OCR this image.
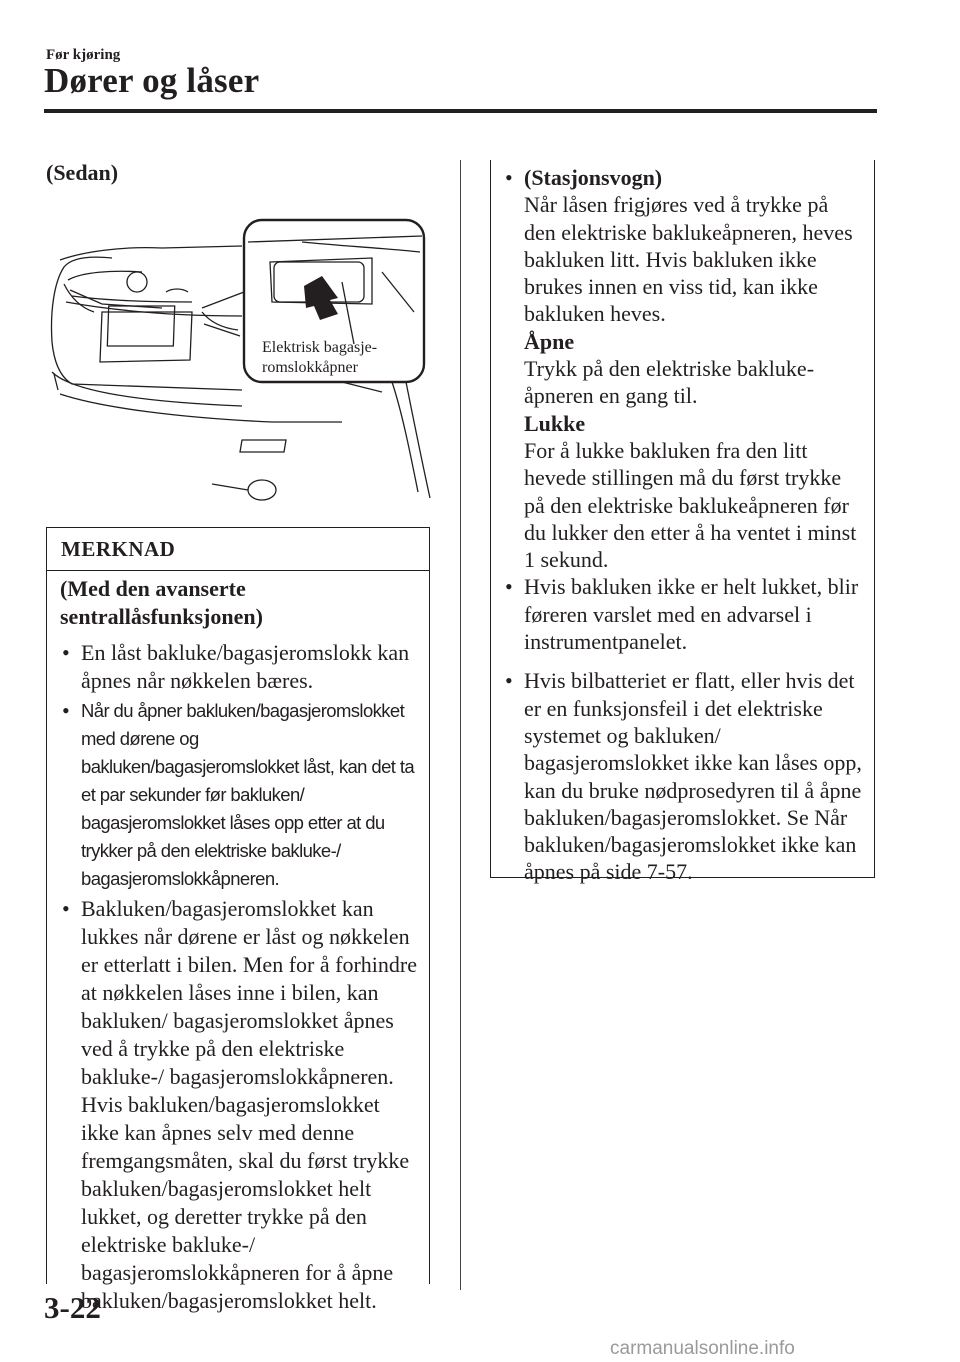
Før kjøring
Dører og låser
(Sedan)
Elektrisk bagasje-
romslokkåpner
MERKNAD
(Med den avanserte
sentrallåsfunksjonen)
• En låst bakluke/bagasjeromslokk kan åpnes når nøkkelen bæres.
• Når du åpner bakluken/bagasjeromslokket med dørene og bakluken/bagasjeromslokket låst, kan det ta et par sekunder før bakluken/ bagasjeromslokket låses opp etter at du trykker på den elektriske bakluke-/ bagasjeromslokkåpneren.
• Bakluken/bagasjeromslokket kan lukkes når dørene er låst og nøkkelen er etterlatt i bilen. Men for å forhindre at nøkkelen låses inne i bilen, kan bakluken/ bagasjeromslokket åpnes ved å trykke på den elektriske bakluke-/ bagasjeromslokkåpneren. Hvis bakluken/bagasjeromslokket ikke kan åpnes selv med denne fremgangsmåten, skal du først trykke bakluken/bagasjeromslokket helt lukket, og deretter trykke på den elektriske bakluke-/ bagasjeromslokkåpneren for å åpne bakluken/bagasjeromslokket helt.
• (Stasjonsvogn)
Når låsen frigjøres ved å trykke på den elektriske baklukeåpneren, heves bakluken litt. Hvis bakluken ikke brukes innen en viss tid, kan ikke bakluken heves.
Åpne
Trykk på den elektriske baklukeåpneren en gang til.
Lukke
For å lukke bakluken fra den litt hevede stillingen må du først trykke på den elektriske baklukeåpneren før du lukker den etter å ha ventet i minst 1 sekund.
• Hvis bakluken ikke er helt lukket, blir føreren varslet med en advarsel i instrumentpanelet.
• Hvis bilbatteriet er flatt, eller hvis det er en funksjonsfeil i det elektriske systemet og bakluken/ bagasjeromslokket ikke kan låses opp, kan du bruke nødprosedyren til å åpne bakluken/bagasjeromslokket. Se Når bakluken/bagasjeromslokket ikke kan åpnes på side 7-57.
3-22
carmanualsonline.info
